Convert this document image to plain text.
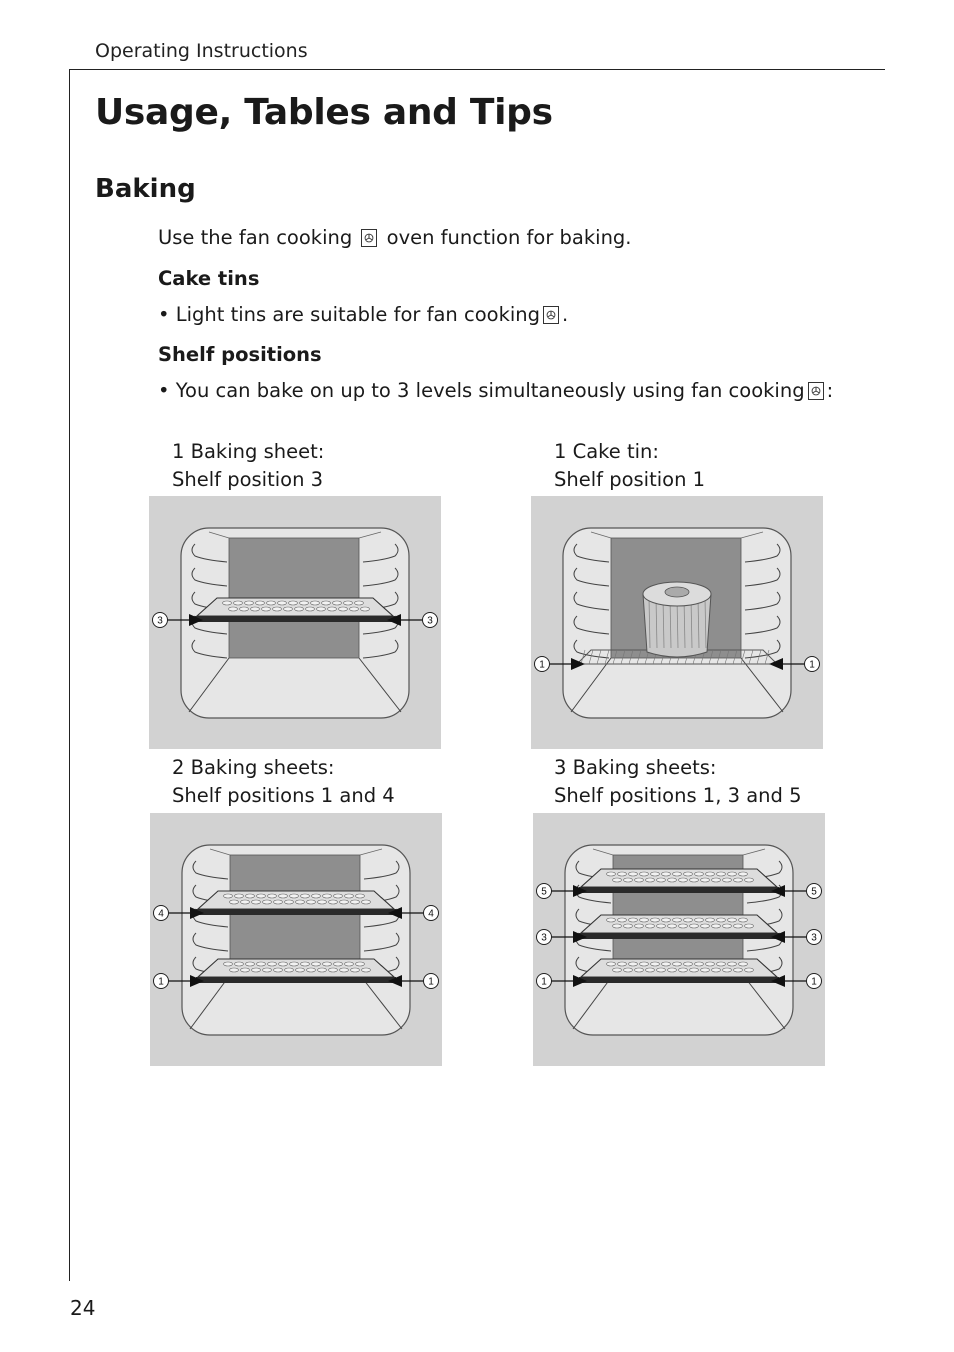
Operating Instructions
Usage, Tables and Tips
Baking
Use the fan cooking oven function for baking.
Cake tins
• Light tins are suitable for fan cooking .
Shelf positions
• You can bake on up to 3 levels simultaneously using fan cooking :
1 Baking sheet:
Shelf position 3
1 Cake tin:
Shelf position 1
2 Baking sheets:
Shelf positions 1 and 4
3 Baking sheets:
Shelf positions 1, 3 and 5
3	3
1	1
4	4
1	1
5	5
3	3
1	1
24
